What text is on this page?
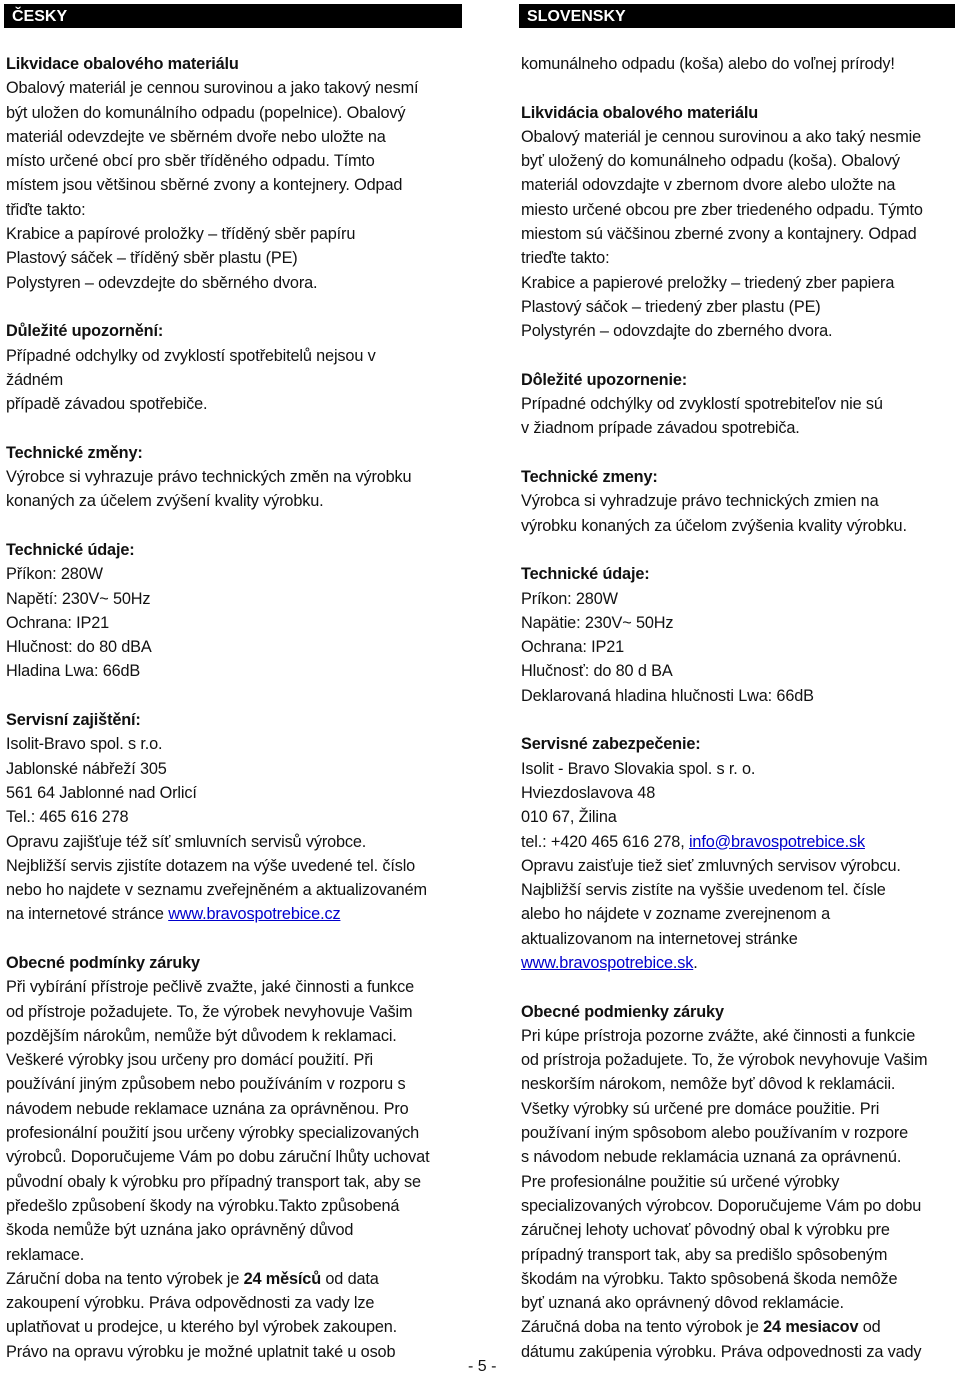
ČESKY

Likvidace obalového materiálu

Obalový materiál je cennou surovinou a jako takový nesmí

být uložen do komunálního odpadu (popelnice). Obalový

materiál odevzdejte ve sběrném dvoře nebo uložte na

místo určené obcí pro sběr tříděného odpadu. Tímto

místem jsou většinou sběrné zvony a kontejnery. Odpad

třiďte takto:

Krabice a papírové proložky – tříděný sběr papíru

Plastový sáček – tříděný sběr plastu (PE)

Polystyren – odevzdejte do sběrného dvora.

Důležité upozornění:

Případné odchylky od zvyklostí spotřebitelů nejsou v

žádném

případě závadou spotřebiče.

Technické změny:

Výrobce si vyhrazuje právo technických změn na výrobku

konaných za účelem zvýšení kvality výrobku.

Technické údaje:

Příkon: 280W

Napětí: 230V~ 50Hz

Ochrana: IP21

Hlučnost: do 80 dBA

Hladina Lwa: 66dB

Servisní zajištění:

Isolit-Bravo spol. s r.o.

Jablonské nábřeží 305

561 64 Jablonné nad Orlicí

Tel.: 465 616 278

Opravu zajišťuje též síť smluvních servisů výrobce.

Nejbližší servis zjistíte dotazem na výše uvedené tel. číslo

nebo ho najdete v seznamu zveřejněném a aktualizovaném

na internetové stránce www.bravospotrebice.cz

Obecné podmínky záruky

Při vybírání přístroje pečlivě zvažte, jaké činnosti a funkce

od přístroje požadujete. To, že výrobek nevyhovuje Vašim

pozdějším nárokům, nemůže být důvodem k reklamaci.

Veškeré výrobky jsou určeny pro domácí použití. Při

používání jiným způsobem nebo používáním v rozporu s

návodem nebude reklamace uznána za oprávněnou. Pro

profesionální použití jsou určeny výrobky specializovaných

výrobců. Doporučujeme Vám po dobu záruční lhůty uchovat

původní obaly k výrobku pro případný transport tak, aby se

předešlo způsobení škody na výrobku.Takto způsobená

škoda nemůže být uznána jako oprávněný důvod

reklamace.

Záruční doba na tento výrobek je 24 měsíců od data

zakoupení výrobku. Práva odpovědnosti za vady lze

uplatňovat u prodejce, u kterého byl výrobek zakoupen.

Právo na opravu výrobku je možné uplatnit také u osob

SLOVENSKY

komunálneho odpadu (koša) alebo do voľnej prírody!

Likvidácia obalového materiálu

Obalový materiál je cennou surovinou a ako taký nesmie

byť uložený do komunálneho odpadu (koša). Obalový

materiál odovzdajte v zbernom dvore alebo uložte na

miesto určené obcou pre zber triedeného odpadu. Týmto

miestom sú väčšinou zberné zvony a kontajnery. Odpad

trieďte takto:

Krabice a papierové preložky – triedený zber papiera

Plastový sáčok – triedený zber plastu (PE)

Polystyrén – odovzdajte do zberného dvora.

Dôležité upozornenie:

Prípadné odchýlky od zvyklostí spotrebiteľov nie sú

v žiadnom prípade závadou spotrebiča.

Technické zmeny:

Výrobca si vyhradzuje právo technických zmien na

výrobku konaných za účelom zvýšenia kvality výrobku.

Technické údaje:

Príkon: 280W

Napätie: 230V~ 50Hz

Ochrana: IP21

Hlučnosť: do 80 d BA

Deklarovaná hladina hlučnosti Lwa: 66dB

Servisné zabezpečenie:

Isolit - Bravo Slovakia spol. s r. o.

Hviezdoslavova 48

010 67, Žilina

tel.: +420 465 616 278, info@bravospotrebice.sk

Opravu zaisťuje tiež sieť zmluvných servisov výrobcu.

Najbližší servis zistíte na vyššie uvedenom tel. čísle

alebo ho nájdete v zozname zverejnenom a

aktualizovanom na internetovej stránke

www.bravospotrebice.sk.

Obecné podmienky záruky

Pri kúpe prístroja pozorne zvážte, aké činnosti a funkcie

od prístroja požadujete. To, že výrobok nevyhovuje Vašim

neskorším nárokom, nemôže byť dôvod k reklamácii.

Všetky výrobky sú určené pre domáce použitie. Pri

používaní iným spôsobom alebo používaním v rozpore

s návodom nebude reklamácia uznaná za oprávnenú.

Pre profesionálne použitie sú určené výrobky

specializovaných výrobcov. Doporučujeme Vám po dobu

záručnej lehoty uchovať pôvodný obal k výrobku pre

prípadný transport tak, aby sa predišlo spôsobeným

škodám na výrobku. Takto spôsobená škoda nemôže

byť uznaná ako oprávnený dôvod reklamácie.

Záručná doba na tento výrobok je 24 mesiacov od

dátumu zakúpenia výrobku. Práva odpovednosti za vady

- 5 -
